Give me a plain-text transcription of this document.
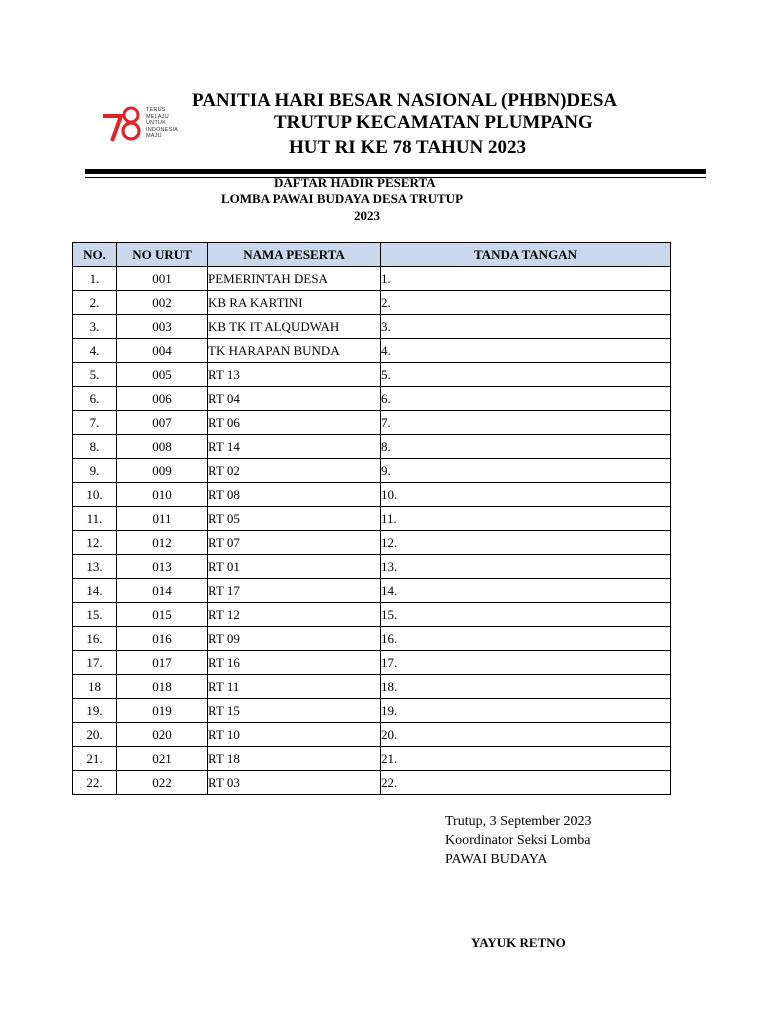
TERUS
MELAJU
UNTUK
INDONESIA
MAJU
PANITIA HARI BESAR NASIONAL (PHBN)DESA
TRUTUP KECAMATAN PLUMPANG
HUT RI KE 78 TAHUN 2023
DAFTAR HADIR PESERTA
LOMBA PAWAI BUDAYA DESA TRUTUP
2023
NO.	NO URUT	NAMA PESERTA	TANDA TANGAN
1.	001	PEMERINTAH DESA	1.
2.	002	KB RA KARTINI	2.
3.	003	KB TK IT ALQUDWAH	3.
4.	004	TK HARAPAN BUNDA	4.
5.	005	RT 13	5.
6.	006	RT 04	6.
7.	007	RT 06	7.
8.	008	RT 14	8.
9.	009	RT 02	9.
10.	010	RT 08	10.
11.	011	RT 05	11.
12.	012	RT 07	12.
13.	013	RT 01	13.
14.	014	RT 17	14.
15.	015	RT 12	15.
16.	016	RT 09	16.
17.	017	RT 16	17.
18	018	RT 11	18.
19.	019	RT 15	19.
20.	020	RT 10	20.
21.	021	RT 18	21.
22.	022	RT 03	22.
Trutup, 3 September 2023
Koordinator Seksi Lomba
PAWAI BUDAYA
YAYUK RETNO
